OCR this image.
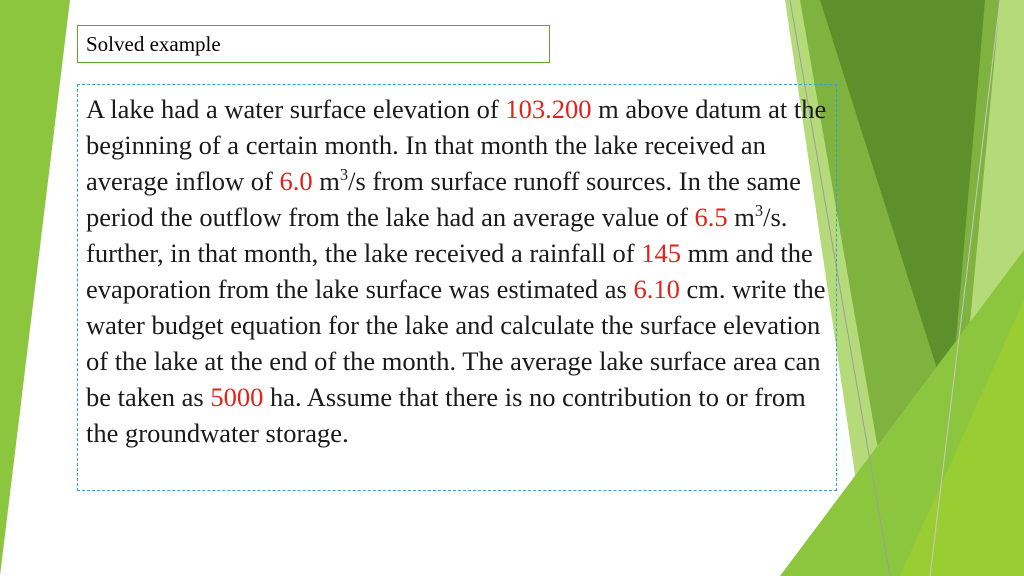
Solved example

A lake had a water surface elevation of 103.200 m above datum at the beginning of a certain month. In that month the lake received an average inflow of 6.0 $m^3/s$ from surface runoff sources. In the same period the outflow from the lake had an average value of 6.5 $m^3/s$. further, in that month, the lake received a rainfall of 145 mm and the evaporation from the lake surface was estimated as 6.10 cm. write the water budget equation for the lake and calculate the surface elevation of the lake at the end of the month. The average lake surface area can be taken as 5000 ha. Assume that there is no contribution to or from the groundwater storage.
